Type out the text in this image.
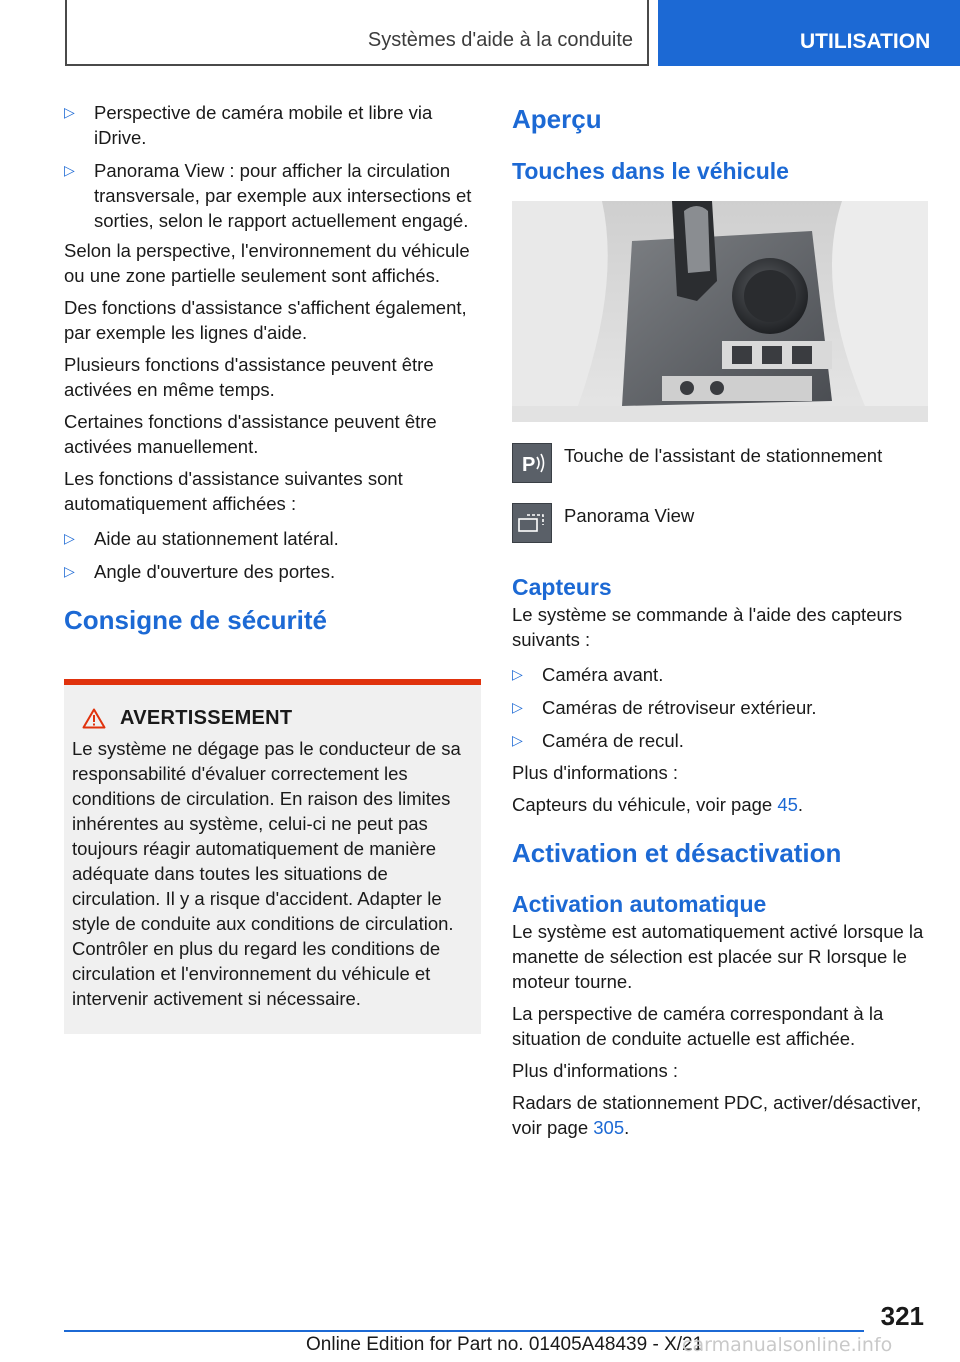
Systèmes d'aide à la conduite	UTILISATION
▷ Perspective de caméra mobile et libre via iDrive.
▷ Panorama View : pour afficher la circulation transversale, par exemple aux intersections et sorties, selon le rapport actuellement engagé.

Selon la perspective, l'environnement du véhicule ou une zone partielle seulement sont affichés.

Des fonctions d'assistance s'affichent également, par exemple les lignes d'aide.

Plusieurs fonctions d'assistance peuvent être activées en même temps.

Certaines fonctions d'assistance peuvent être activées manuellement.

Les fonctions d'assistance suivantes sont automatiquement affichées :

▷ Aide au stationnement latéral.
▷ Angle d'ouverture des portes.
Consigne de sécurité
AVERTISSEMENT
Le système ne dégage pas le conducteur de sa responsabilité d'évaluer correctement les conditions de circulation. En raison des limites inhérentes au système, celui-ci ne peut pas toujours réagir automatiquement de manière adéquate dans toutes les situations de circulation. Il y a risque d'accident. Adapter le style de conduite aux conditions de circulation. Contrôler en plus du regard les conditions de circulation et l'environnement du véhicule et intervenir activement si nécessaire.
Aperçu
Touches dans le véhicule
P Touche de l'assistant de stationnement
Panorama View
Capteurs

Le système se commande à l'aide des capteurs suivants :

▷ Caméra avant.
▷ Caméras de rétroviseur extérieur.
▷ Caméra de recul.

Plus d'informations :

Capteurs du véhicule, voir page 45.

Activation et désactivation
Activation automatique

Le système est automatiquement activé lorsque la manette de sélection est placée sur R lorsque le moteur tourne.

La perspective de caméra correspondant à la situation de conduite actuelle est affichée.

Plus d'informations :

Radars de stationnement PDC, activer/désactiver, voir page 305.

321
Online Edition for Part no. 01405A48439 - X/21
carmanualsonline.info
